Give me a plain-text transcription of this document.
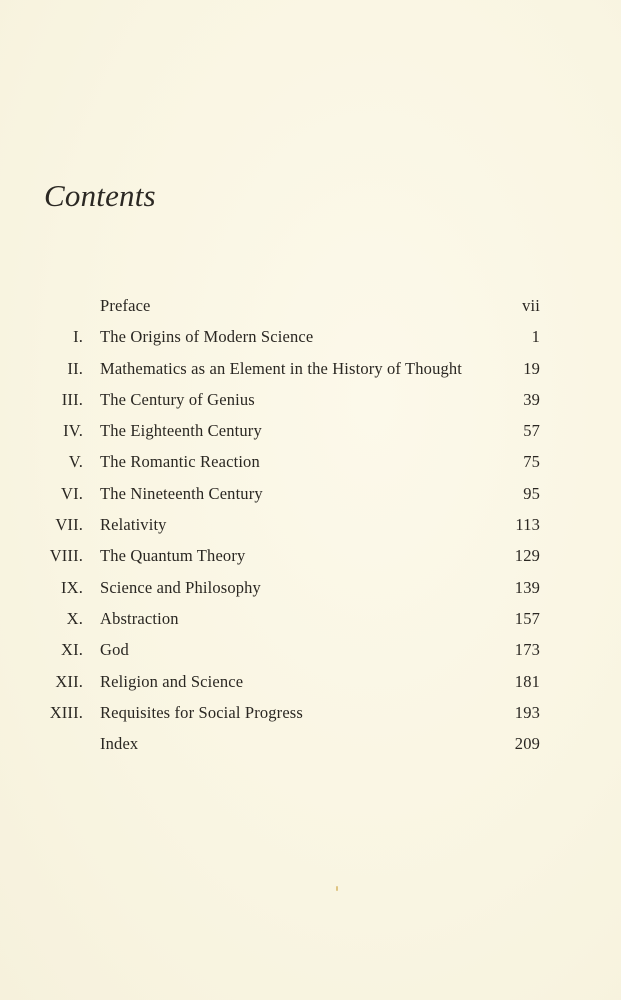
Contents
Preface	vii
I. The Origins of Modern Science	1
II. Mathematics as an Element in the History of Thought	19
III. The Century of Genius	39
IV. The Eighteenth Century	57
V. The Romantic Reaction	75
VI. The Nineteenth Century	95
VII. Relativity	113
VIII. The Quantum Theory	129
IX. Science and Philosophy	139
X. Abstraction	157
XI. God	173
XII. Religion and Science	181
XIII. Requisites for Social Progress	193
Index	209
